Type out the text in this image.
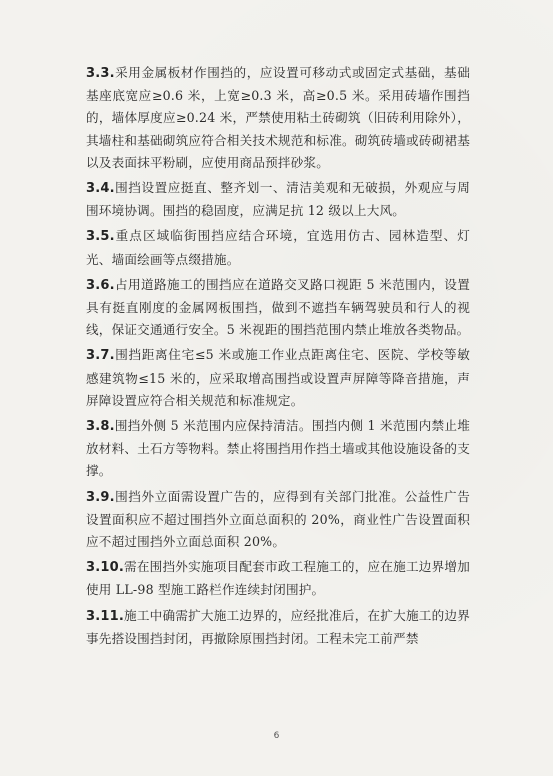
3.3.采用金属板材作围挡的，应设置可移动式或固定式基础，基础基座底宽应≥0.6 米，上宽≥0.3 米，高≥0.5 米。采用砖墙作围挡的，墙体厚度应≥0.24 米，严禁使用粘土砖砌筑（旧砖利用除外），其墙柱和基础砌筑应符合相关技术规范和标准。砌筑砖墙或砖砌裙基以及表面抹平粉刷，应使用商品预拌砂浆。

3.4.围挡设置应挺直、整齐划一、清洁美观和无破损，外观应与周围环境协调。围挡的稳固度，应满足抗 12 级以上大风。

3.5.重点区域临街围挡应结合环境，宜选用仿古、园林造型、灯光、墙面绘画等点缀措施。

3.6.占用道路施工的围挡应在道路交叉路口视距 5 米范围内，设置具有挺直刚度的金属网板围挡，做到不遮挡车辆驾驶员和行人的视线，保证交通通行安全。5 米视距的围挡范围内禁止堆放各类物品。

3.7.围挡距离住宅≤5 米或施工作业点距离住宅、医院、学校等敏感建筑物≤15 米的，应采取增高围挡或设置声屏障等降音措施，声屏障设置应符合相关规范和标准规定。

3.8.围挡外侧 5 米范围内应保持清洁。围挡内侧 1 米范围内禁止堆放材料、土石方等物料。禁止将围挡用作挡土墙或其他设施设备的支撑。

3.9.围挡外立面需设置广告的，应得到有关部门批准。公益性广告设置面积应不超过围挡外立面总面积的 20%，商业性广告设置面积应不超过围挡外立面总面积 20%。

3.10.需在围挡外实施项目配套市政工程施工的，应在施工边界增加使用 LL-98 型施工路栏作连续封闭围护。

3.11.施工中确需扩大施工边界的，应经批准后，在扩大施工的边界事先搭设围挡封闭，再撤除原围挡封闭。工程未完工前严禁

6
